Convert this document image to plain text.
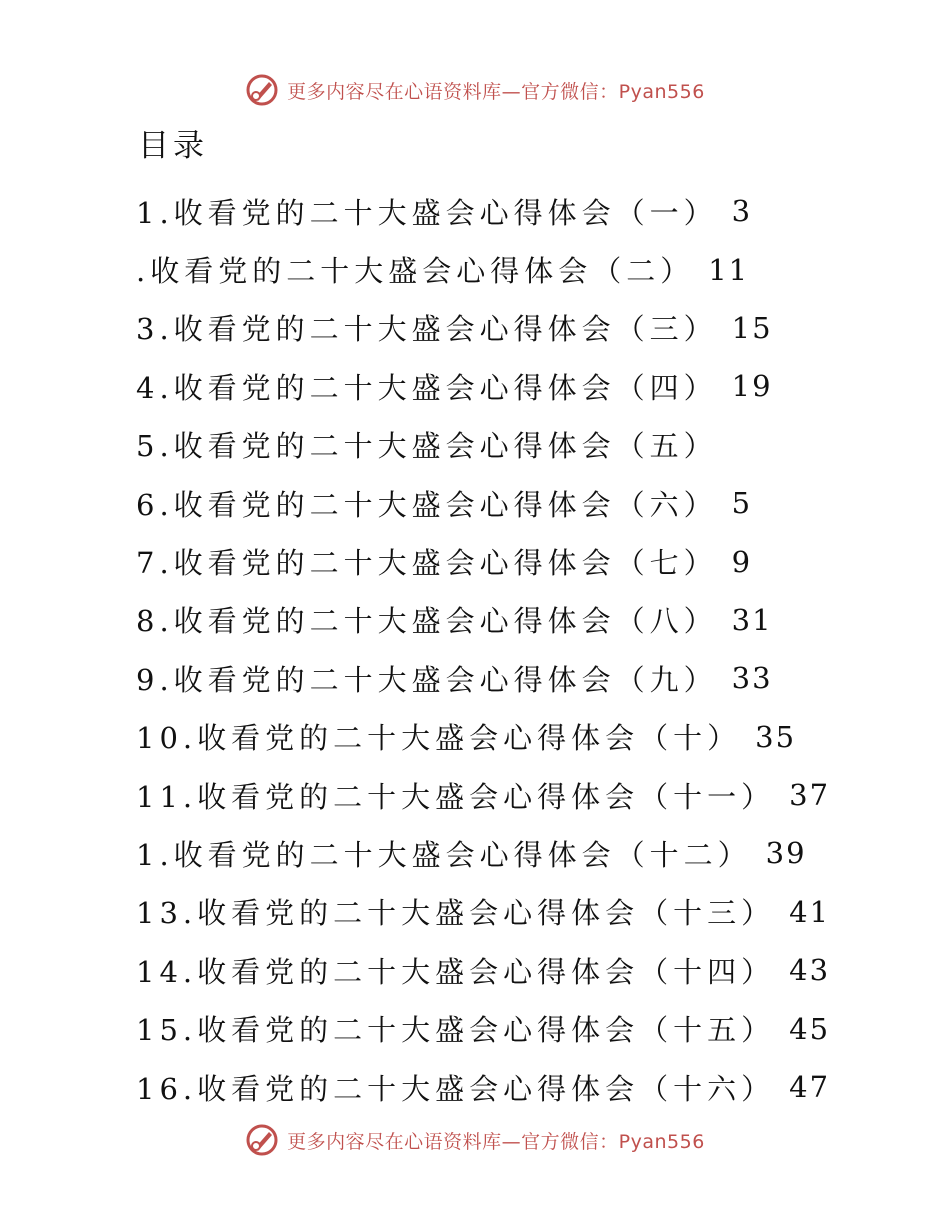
更多内容尽在心语资料库—官方微信：Pyan556
目录
1.收看党的二十大盛会心得体会（一） 3
.收看党的二十大盛会心得体会（二） 11
3.收看党的二十大盛会心得体会（三） 15
4.收看党的二十大盛会心得体会（四） 19
5.收看党的二十大盛会心得体会（五）
6.收看党的二十大盛会心得体会（六） 5
7.收看党的二十大盛会心得体会（七） 9
8.收看党的二十大盛会心得体会（八） 31
9.收看党的二十大盛会心得体会（九） 33
10.收看党的二十大盛会心得体会（十） 35
11.收看党的二十大盛会心得体会（十一） 37
1.收看党的二十大盛会心得体会（十二） 39
13.收看党的二十大盛会心得体会（十三） 41
14.收看党的二十大盛会心得体会（十四） 43
15.收看党的二十大盛会心得体会（十五） 45
16.收看党的二十大盛会心得体会（十六） 47
更多内容尽在心语资料库—官方微信：Pyan556
